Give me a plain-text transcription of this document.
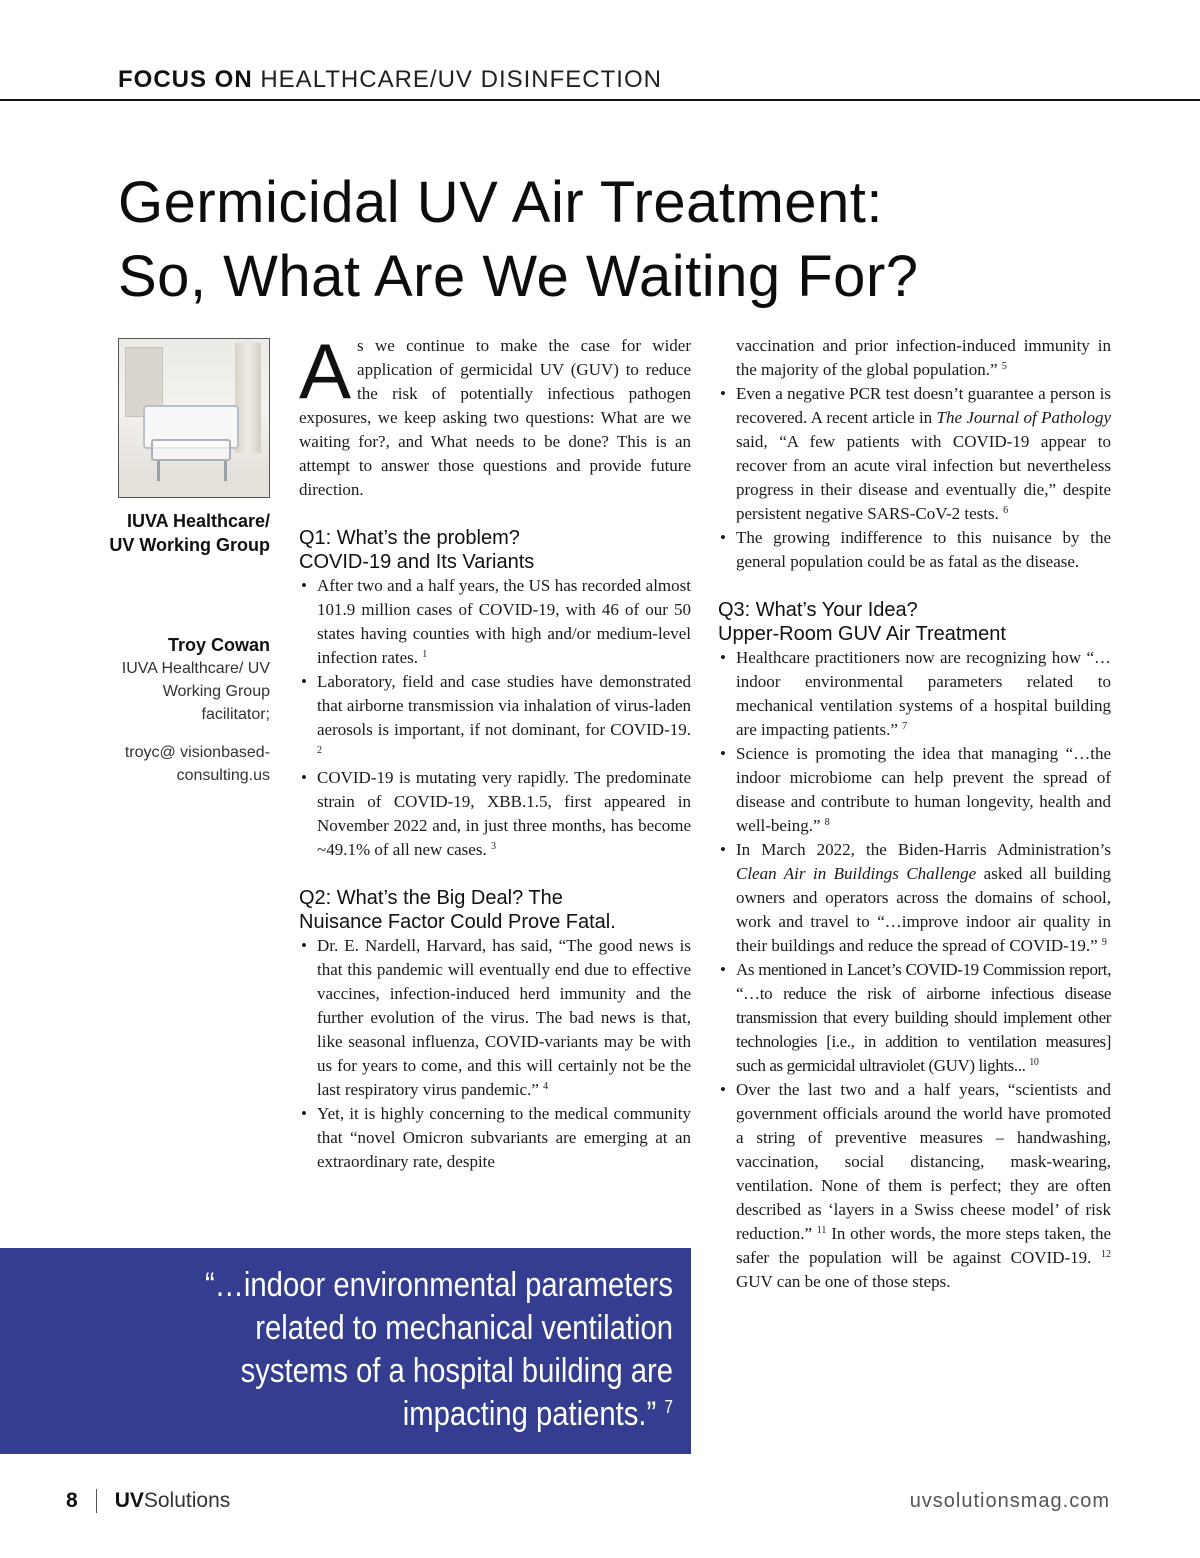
FOCUS ON HEALTHCARE/UV DISINFECTION
Germicidal UV Air Treatment:
So, What Are We Waiting For?
IUVA Healthcare/ UV Working Group
Troy Cowan
IUVA Healthcare/ UV Working Group facilitator;
troyc@ visionbased- consulting.us

As we continue to make the case for wider application of germicidal UV (GUV) to reduce the risk of potentially infectious pathogen exposures, we keep asking two questions: What are we waiting for?, and What needs to be done? This is an attempt to answer those questions and provide future direction.

Q1: What’s the problem?
COVID-19 and Its Variants
• After two and a half years, the US has recorded almost 101.9 million cases of COVID-19, with 46 of our 50 states having counties with high and/or medium-level infection rates. $^1$
• Laboratory, field and case studies have demonstrated that airborne transmission via inhalation of virus-laden aerosols is important, if not dominant, for COVID-19. $^2$
• COVID-19 is mutating very rapidly. The predominate strain of COVID-19, XBB.1.5, first appeared in November 2022 and, in just three months, has become ~49.1% of all new cases. $^3$
Q2: What’s the Big Deal? The
Nuisance Factor Could Prove Fatal.
• Dr. E. Nardell, Harvard, has said, “The good news is that this pandemic will eventually end due to effective vaccines, infection-induced herd immunity and the further evolution of the virus. The bad news is that, like seasonal influenza, COVID-variants may be with us for years to come, and this will certainly not be the last respiratory virus pandemic.” $^4$
• Yet, it is highly concerning to the medical community that “novel Omicron subvariants are emerging at an extraordinary rate, despite
“…indoor environmental parameters related to mechanical ventilation systems of a hospital building are impacting patients.” $^7$

vaccination and prior infection-induced immunity in the majority of the global population.” $^5$

• Even a negative PCR test doesn’t guarantee a person is recovered. A recent article in The Journal of Pathology said, “A few patients with COVID-19 appear to recover from an acute viral infection but nevertheless progress in their disease and eventually die,” despite persistent negative SARS-CoV-2 tests. $^6$
• The growing indifference to this nuisance by the general population could be as fatal as the disease.
Q3: What’s Your Idea?
Upper-Room GUV Air Treatment
• Healthcare practitioners now are recognizing how “…indoor environmental parameters related to mechanical ventilation systems of a hospital building are impacting patients.” $^7$
• Science is promoting the idea that managing “…the indoor microbiome can help prevent the spread of disease and contribute to human longevity, health and well-being.” $^8$
• In March 2022, the Biden-Harris Administration’s Clean Air in Buildings Challenge asked all building owners and operators across the domains of school, work and travel to “…improve indoor air quality in their buildings and reduce the spread of COVID-19.” $^9$
• As mentioned in Lancet’s COVID-19 Commission report, “…to reduce the risk of airborne infectious disease transmission that every building should implement other technologies [i.e., in addition to ventilation measures] such as germicidal ultraviolet (GUV) lights... $^{10}$
• Over the last two and a half years, “scientists and government officials around the world have promoted a string of preventive measures – handwashing, vaccination, social distancing, mask-wearing, ventilation. None of them is perfect; they are often described as ‘layers in a Swiss cheese model’ of risk reduction.” $^{11}$ In other words, the more steps taken, the safer the population will be against COVID-19. $^{12}$ GUV can be one of those steps.
8 UV Solutions	uvsolutionsmag.com
